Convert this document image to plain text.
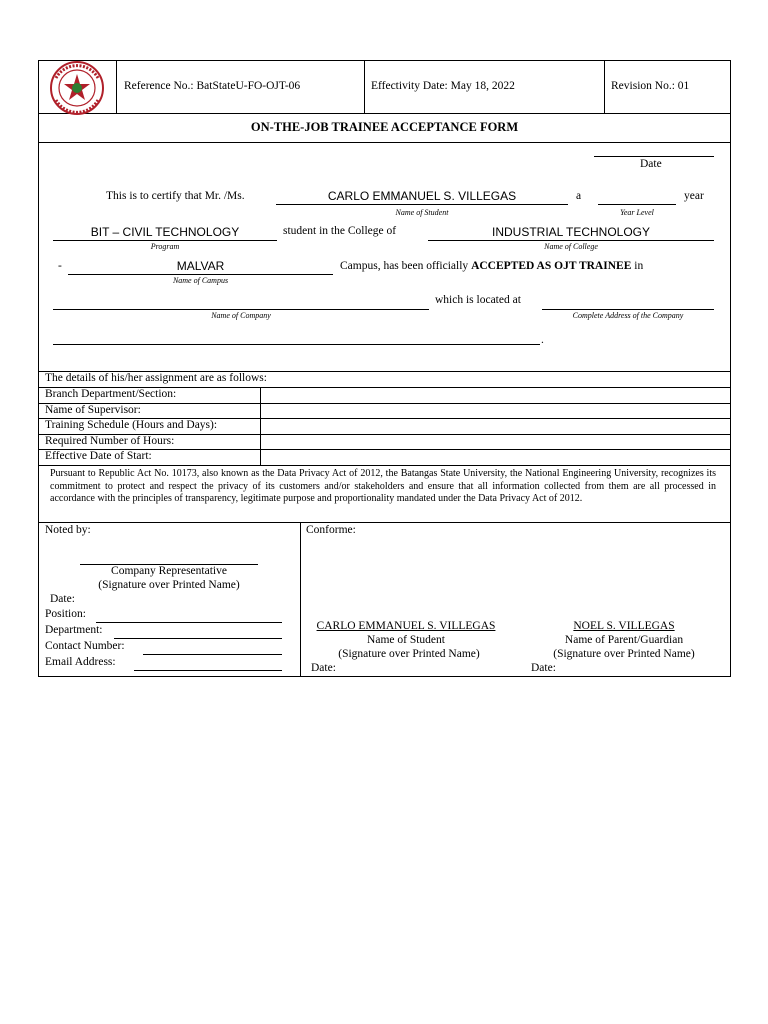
Reference No.: BatStateU-FO-OJT-06	Effectivity Date: May 18, 2022	Revision No.: 01
ON-THE-JOB TRAINEE ACCEPTANCE FORM
Date
This is to certify that Mr. /Ms.	CARLO EMMANUEL S. VILLEGAS
Name of Student
a
Year Level
year
BIT – CIVIL TECHNOLOGY
Program
student in the College of	INDUSTRIAL TECHNOLOGY
Name of College
-	MALVAR
Name of Campus
Campus, has been officially ACCEPTED AS OJT TRAINEE in
Name of Company
which is located at
Complete Address of the Company
.
The details of his/her assignment are as follows:
Branch Department/Section:
Name of Supervisor:
Training Schedule (Hours and Days):
Required Number of Hours:
Effective Date of Start:
Pursuant to Republic Act No. 10173, also known as the Data Privacy Act of 2012, the Batangas State University, the National Engineering University, recognizes its commitment to protect and respect the privacy of its customers and/or stakeholders and ensure that all information collected from them are all processed in accordance with the principles of transparency, legitimate purpose and proportionality mandated under the Data Privacy Act of 2012.
Noted by:
Company Representative
(Signature over Printed Name)
Date:
Position:
Department:
Contact Number:
Email Address:
Conforme:
CARLO EMMANUEL S. VILLEGAS
Name of Student
(Signature over Printed Name)
Date:
NOEL S. VILLEGAS
Name of Parent/Guardian
(Signature over Printed Name)
Date:
